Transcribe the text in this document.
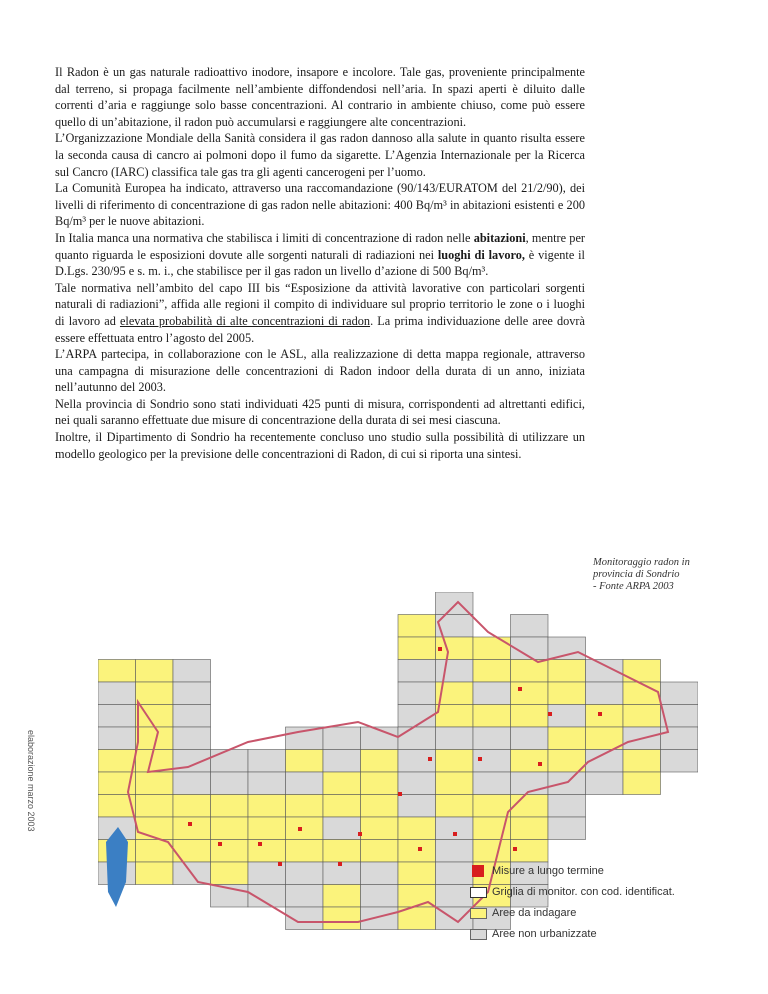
Il Radon è un gas naturale radioattivo inodore, insapore e incolore. Tale gas, proveniente principalmente dal terreno, si propaga facilmente nell’ambiente diffondendosi nell’aria. In spazi aperti è diluito dalle correnti d’aria e raggiunge solo basse concentrazioni. Al contrario in ambiente chiuso, come può essere quello di un’abitazione, il radon può accumularsi e raggiungere alte concentrazioni.

L’Organizzazione Mondiale della Sanità considera il gas radon dannoso alla salute in quanto risulta essere la seconda causa di cancro ai polmoni dopo il fumo da sigarette. L’Agenzia Internazionale per la Ricerca sul Cancro (IARC) classifica tale gas tra gli agenti cancerogeni per l’uomo.

La Comunità Europea ha indicato, attraverso una raccomandazione (90/143/EURATOM del 21/2/90), dei livelli di riferimento di concentrazione di gas radon nelle abitazioni: 400 Bq/m³ in abitazioni esistenti e 200 Bq/m³ per le nuove abitazioni.

In Italia manca una normativa che stabilisca i limiti di concentrazione di radon nelle abitazioni, mentre per quanto riguarda le esposizioni dovute alle sorgenti naturali di radiazioni nei luoghi di lavoro, è vigente il D.Lgs. 230/95 e s. m. i., che stabilisce per il gas radon un livello d’azione di 500 Bq/m³.

Tale normativa nell’ambito del capo III bis “Esposizione da attività lavorative con particolari sorgenti naturali di radiazioni”, affida alle regioni il compito di individuare sul proprio territorio le zone o i luoghi di lavoro ad elevata probabilità di alte concentrazioni di radon. La prima individuazione delle aree dovrà essere effettuata entro l’agosto del 2005.

L’ARPA partecipa, in collaborazione con le ASL, alla realizzazione di detta mappa regionale, attraverso una campagna di misurazione delle concentrazioni di Radon indoor della durata di un anno, iniziata nell’autunno del 2003.

Nella provincia di Sondrio sono stati individuati 425 punti di misura, corrispondenti ad altrettanti edifici, nei quali saranno effettuate due misure di concentrazione della durata di sei mesi ciascuna.

Inoltre, il Dipartimento di Sondrio ha recentemente concluso uno studio sulla possibilità di utilizzare un modello geologico per la previsione delle concentrazioni di Radon, di cui si riporta una sintesi.

Monitoraggio radon in
provincia di Sondrio
- Fonte ARPA 2003
elaborazione marzo 2003
Misure a lungo termine
Griglia di monitor. con cod. identificat.
Aree da indagare
Aree non urbanizzate
